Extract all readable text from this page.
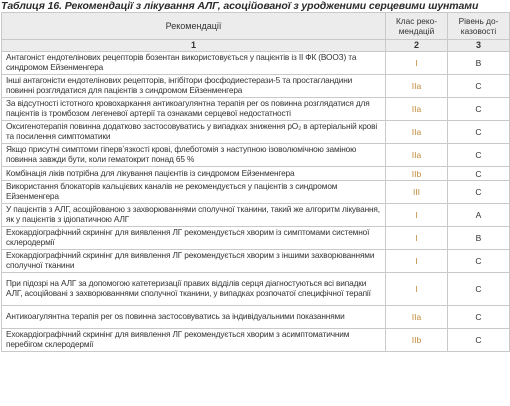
Таблиця 16. Рекомендації з лікування АЛГ, асоційованої з уродженими серцевими шунтами
Рекомендації	Клас реко-мендацій	Рівень до-казовості
1	2	3
Антагоніст ендотелінових рецепторів бозентан використовується у пацієнтів із II ФК (ВООЗ) та синдромом Ейзенменгера	I	B
Інші антагоністи ендотелінових рецепторів, інгібітори фосфодиестерази-5 та простагландини повинні розглядатися для пацієнтів з синдромом Ейзенменгера	IIa	C
За відсутності істотного кровохаркання антикоагулянтна терапія per os повинна розглядатися для пацієнтів із тромбозом легеневої артерії та ознаками серцевої недостатності	IIa	C
Оксигенотерапія повинна додатково застосовуватись у випадках зниження pO₂ в артеріальній крові та посилення симптоматики	IIa	C
Якщо присутні симптоми гіпервʼязкості крові, флеботомія з наступною ізоволюмічною заміною повинна завжди бути, коли гематокрит понад 65 %	IIa	C
Комбінація ліків потрібна для лікування пацієнтів із синдромом Ейзенменгера	IIb	C
Використання блокаторів кальцієвих каналів не рекомендується у пацієнтів з синдромом Ейзенменгера	III	C
У пацієнтів з АЛГ, асоційованою з захворюваннями сполучної тканини, такий же алгоритм лікування, як у пацієнтів з ідіопатичною АЛГ	I	A
Ехокардіографічний скринінг для виявлення ЛГ рекомендується хворим із симптомами системної склеродермії	I	B
Ехокардіографічний скринінг для виявлення ЛГ рекомендується хворим з іншими захворюваннями сполучної тканини	I	C
При підозрі на АЛГ за допомогою катетеризації правих відділів серця діагностуються всі випадки АЛГ, асоційовані з захворюваннями сполучної тканини, у випадках розпочатої специфічної терапії	I	C
Антикоагулянтна терапія per os повинна застосовуватись за індивідуальними показаннями	IIa	C
Ехокардіографічний скринінг для виявлення ЛГ рекомендується хворим з асимптоматичним перебігом склеродермії	IIb	C
